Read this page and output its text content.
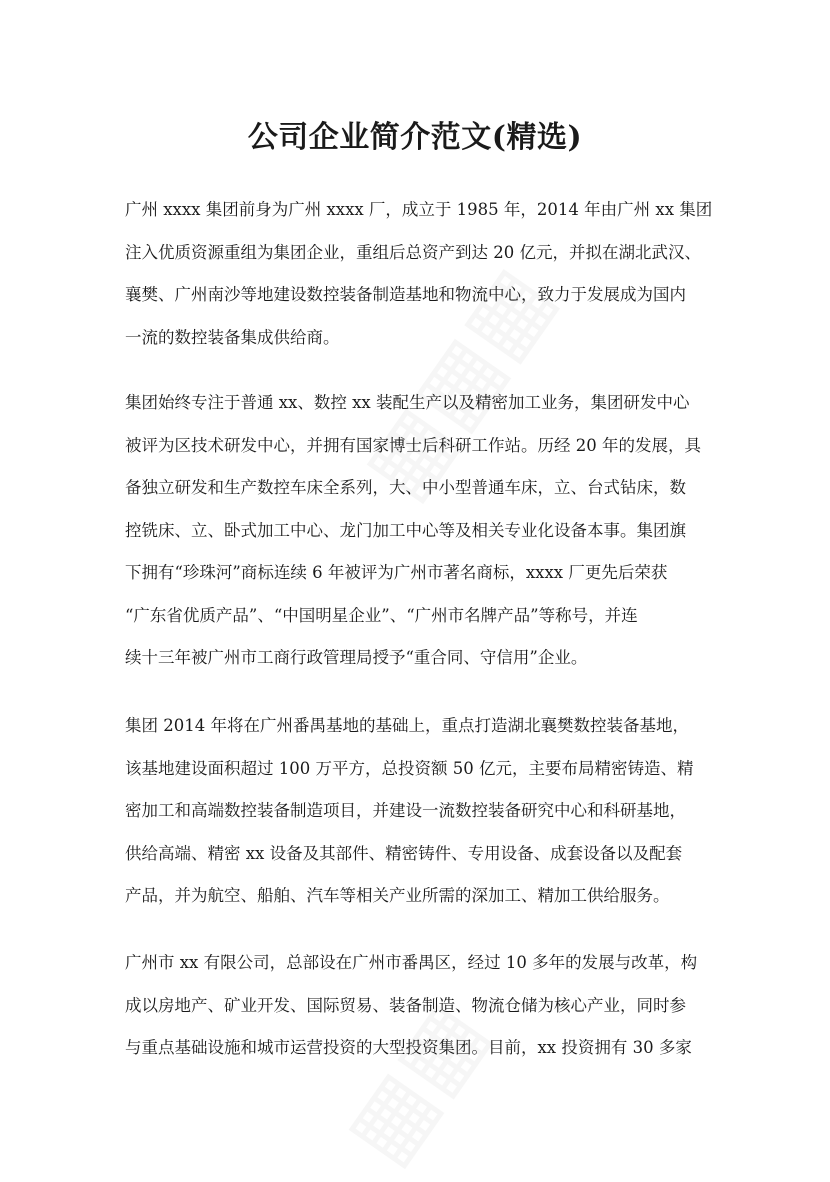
公司企业简介范文(精选)
广州 xxxx 集团前身为广州 xxxx 厂，成立于 1985 年，2014 年由广州 xx 集团
注入优质资源重组为集团企业，重组后总资产到达 20 亿元，并拟在湖北武汉、
襄樊、广州南沙等地建设数控装备制造基地和物流中心，致力于发展成为国内
一流的数控装备集成供给商。
集团始终专注于普通 xx、数控 xx 装配生产以及精密加工业务，集团研发中心
被评为区技术研发中心，并拥有国家博士后科研工作站。历经 20 年的发展，具
备独立研发和生产数控车床全系列，大、中小型普通车床，立、台式钻床，数
控铣床、立、卧式加工中心、龙门加工中心等及相关专业化设备本事。集团旗
下拥有“珍珠河”商标连续 6 年被评为广州市著名商标，xxxx 厂更先后荣获
“广东省优质产品”、“中国明星企业”、“广州市名牌产品”等称号，并连
续十三年被广州市工商行政管理局授予“重合同、守信用”企业。
集团 2014 年将在广州番禺基地的基础上，重点打造湖北襄樊数控装备基地，
该基地建设面积超过 100 万平方，总投资额 50 亿元，主要布局精密铸造、精
密加工和高端数控装备制造项目，并建设一流数控装备研究中心和科研基地，
供给高端、精密 xx 设备及其部件、精密铸件、专用设备、成套设备以及配套
产品，并为航空、船舶、汽车等相关产业所需的深加工、精加工供给服务。
广州市 xx 有限公司，总部设在广州市番禺区，经过 10 多年的发展与改革，构
成以房地产、矿业开发、国际贸易、装备制造、物流仓储为核心产业，同时参
与重点基础设施和城市运营投资的大型投资集团。目前，xx 投资拥有 30 多家
